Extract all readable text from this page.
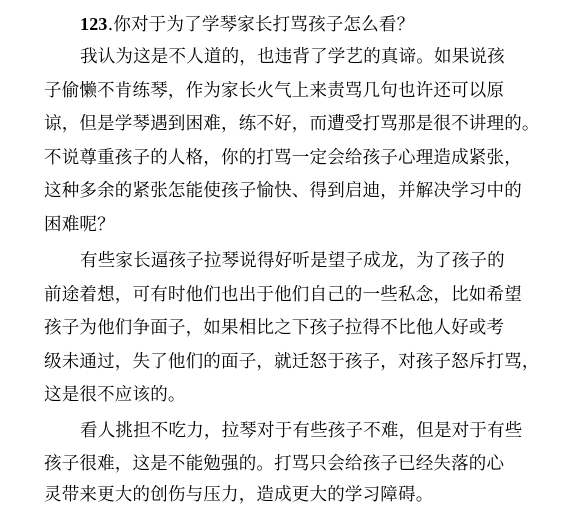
123.你对于为了学琴家长打骂孩子怎么看？
我认为这是不人道的，也违背了学艺的真谛。如果说孩
子偷懒不肯练琴，作为家长火气上来责骂几句也许还可以原
谅，但是学琴遇到困难，练不好，而遭受打骂那是很不讲理的。
不说尊重孩子的人格，你的打骂一定会给孩子心理造成紧张，
这种多余的紧张怎能使孩子愉快、得到启迪，并解决学习中的
困难呢？
有些家长逼孩子拉琴说得好听是望子成龙，为了孩子的
前途着想，可有时他们也出于他们自己的一些私念，比如希望
孩子为他们争面子，如果相比之下孩子拉得不比他人好或考
级未通过，失了他们的面子，就迁怒于孩子，对孩子怒斥打骂，
这是很不应该的。
看人挑担不吃力，拉琴对于有些孩子不难，但是对于有些
孩子很难，这是不能勉强的。打骂只会给孩子已经失落的心
灵带来更大的创伤与压力，造成更大的学习障碍。
